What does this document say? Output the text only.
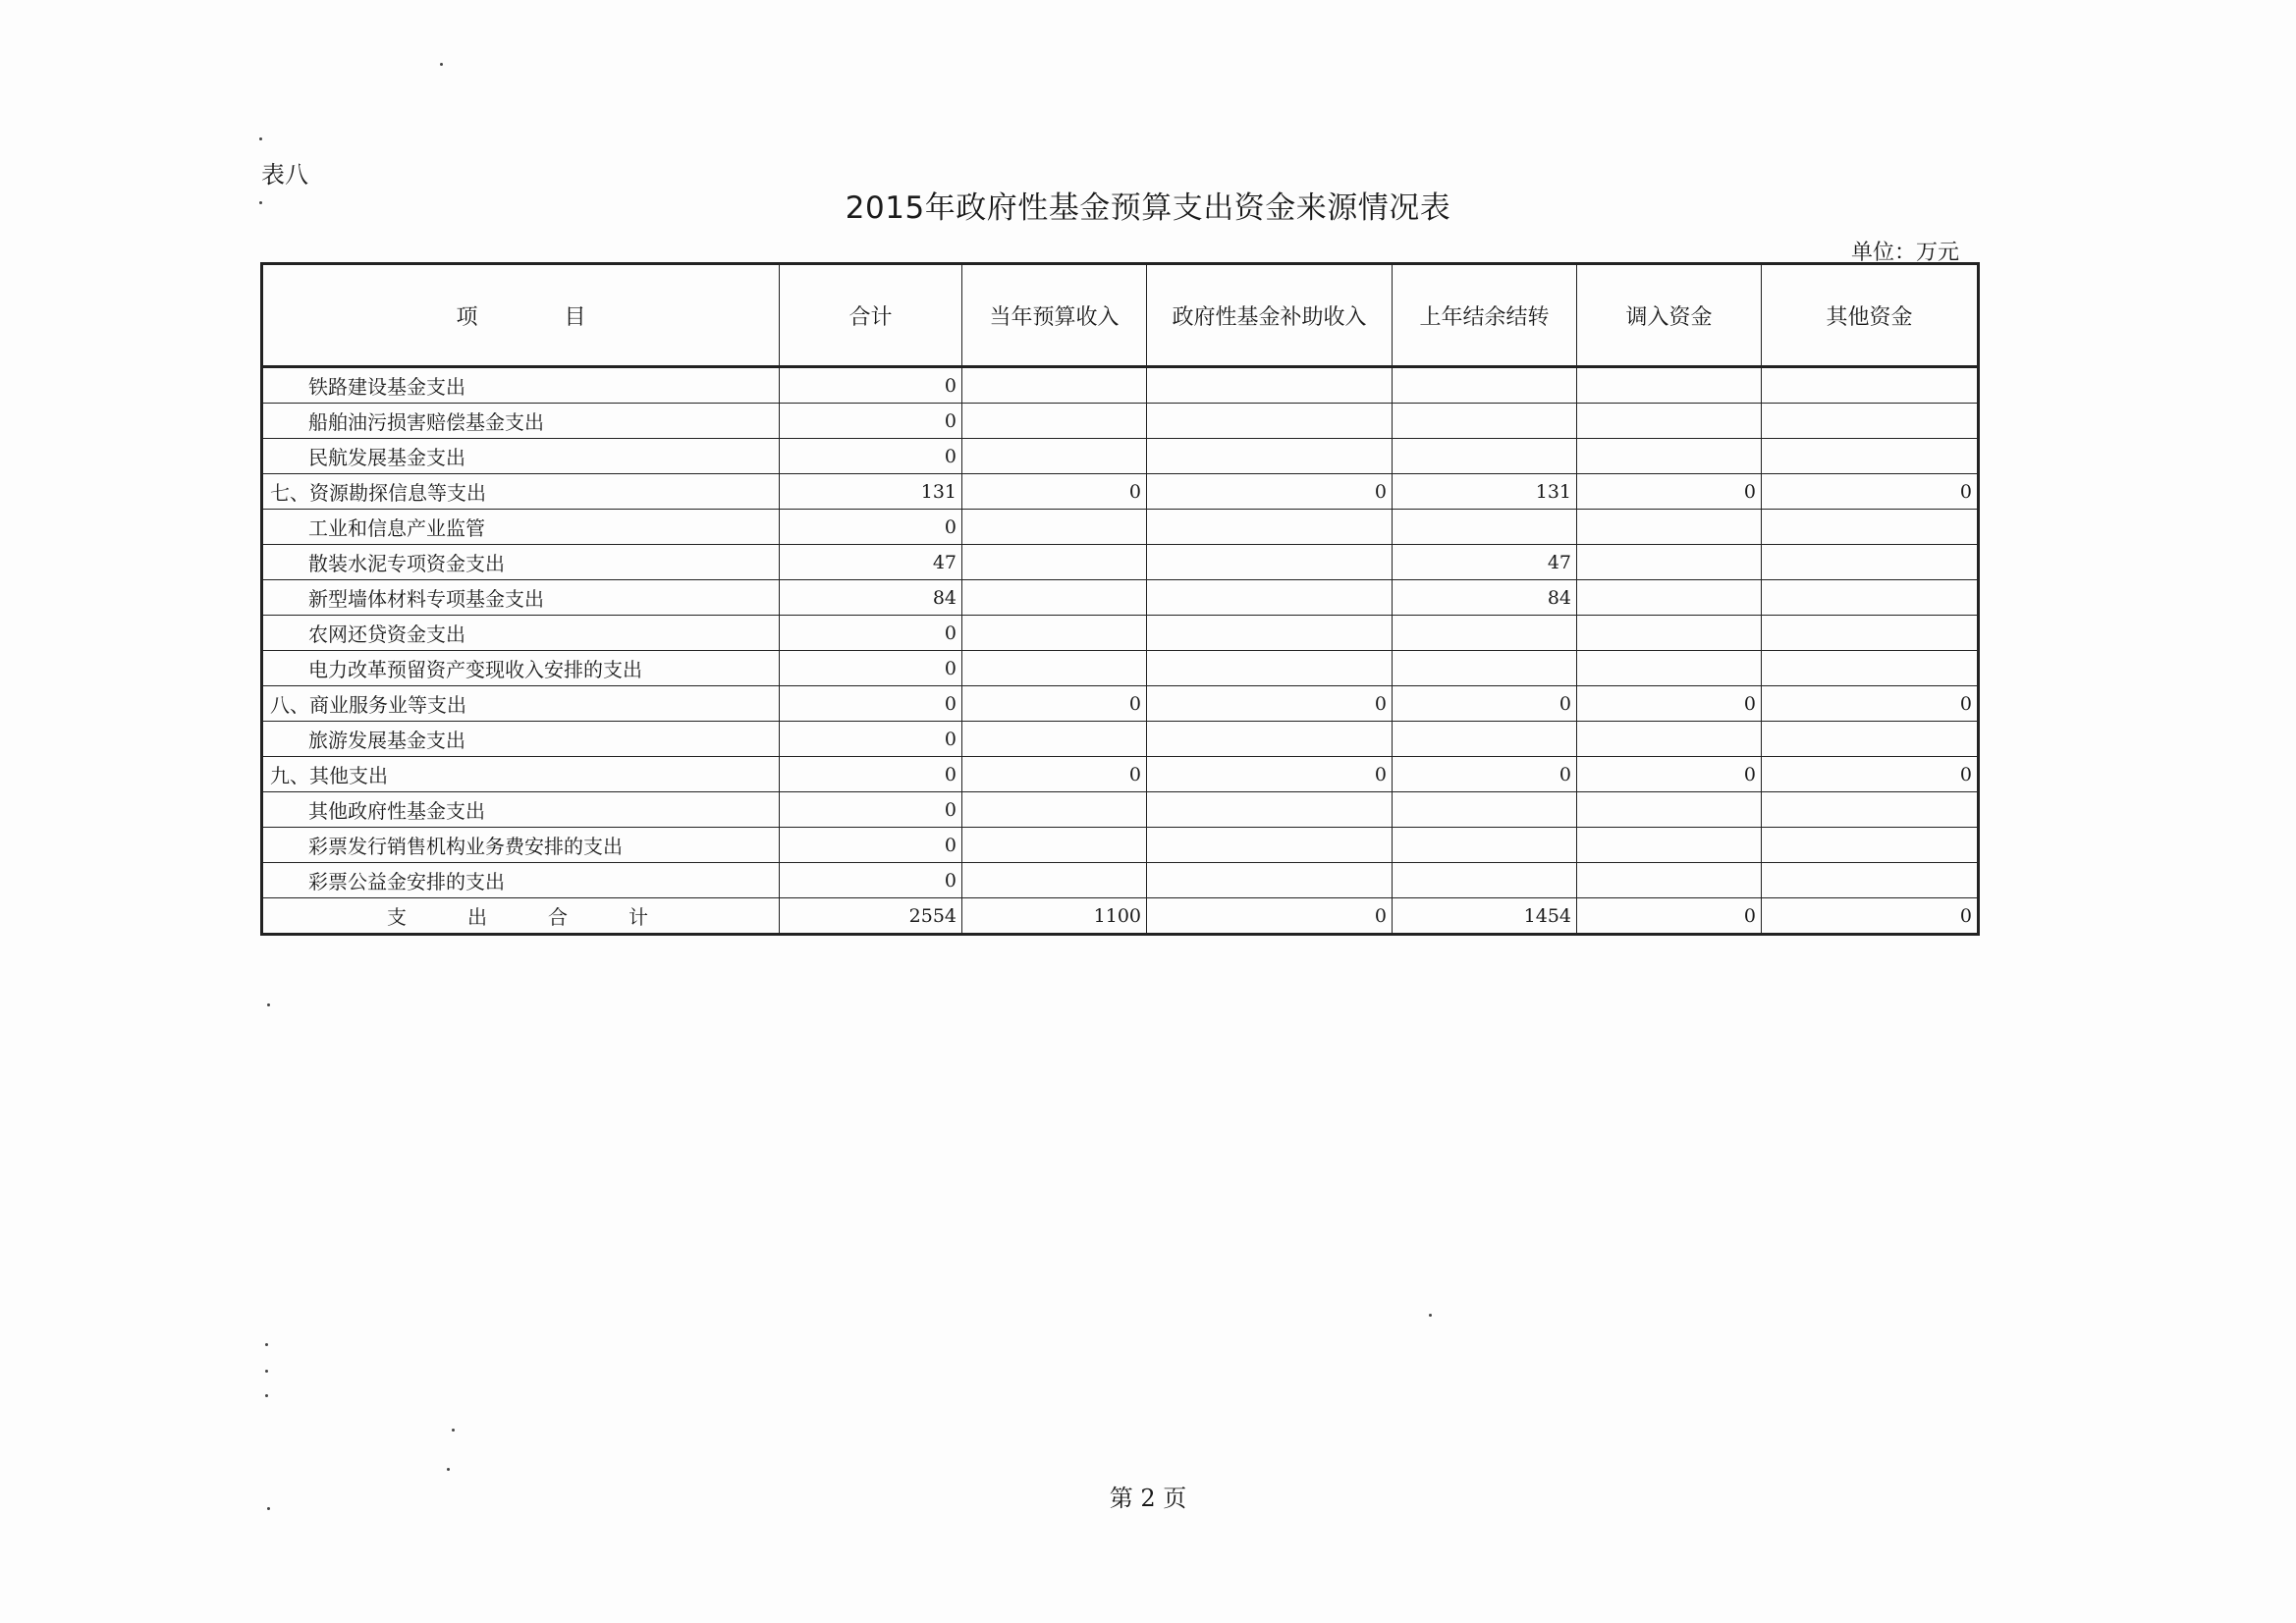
表八
2015年政府性基金预算支出资金来源情况表
单位：万元
项　　　　目	合计	当年预算收入	政府性基金补助收入	上年结余结转	调入资金	其他资金
铁路建设基金支出	0					
船舶油污损害赔偿基金支出	0					
民航发展基金支出	0					
七、资源勘探信息等支出	131	0	0	131	0	0
工业和信息产业监管	0					
散装水泥专项资金支出	47			47		
新型墙体材料专项基金支出	84			84		
农网还贷资金支出	0					
电力改革预留资产变现收入安排的支出	0					
八、商业服务业等支出	0	0	0	0	0	0
旅游发展基金支出	0					
九、其他支出	0	0	0	0	0	0
其他政府性基金支出	0					
彩票发行销售机构业务费安排的支出	0					
彩票公益金安排的支出	0					
支出合计	2554	1100	0	1454	0	0
第 2 页
